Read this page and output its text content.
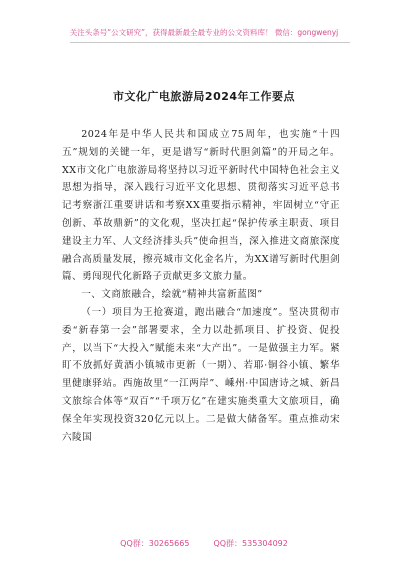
关注头条号“公文研究”，获得最新最全最专业的公文资料库！ 微信：gongwenyj
市文化广电旅游局2024年工作要点

2024年是中华人民共和国成立75周年，也实施“十四五”规划的关键一年，更是谱写“新时代胆剑篇”的开局之年。XX市文化广电旅游局将坚持以习近平新时代中国特色社会主义思想为指导，深入践行习近平文化思想、贯彻落实习近平总书记考察浙江重要讲话和考察XX重要指示精神，牢固树立“守正创新、革故鼎新”的文化观，坚决扛起“保护传承主职责、项目建设主力军、人文经济排头兵”使命担当，深入推进文商旅深度融合高质量发展，擦亮城市文化金名片，为XX谱写新时代胆剑篇、勇闯现代化新路子贡献更多文旅力量。

一、文商旅融合，绘就“精神共富新蓝图”

（一）项目为王抢赛道，跑出融合“加速度”。坚决贯彻市委“新春第一会”部署要求，全力以赴抓项目、扩投资、促投产，以当下“大投入”赋能未来“大产出”。一是做强主力军。紧盯不放抓好黄酒小镇城市更新（一期）、若耶·铜谷小镇、繁华里健康驿站。西施故里“一江两岸”、嵊州·中国唐诗之城、新昌文旅综合体等“双百”“千项万亿”在建实施类重大文旅项目，确保全年实现投资320亿元以上。二是做大储备军。重点推动宋六陵国

QQ群：30265665	QQ群：535304092
